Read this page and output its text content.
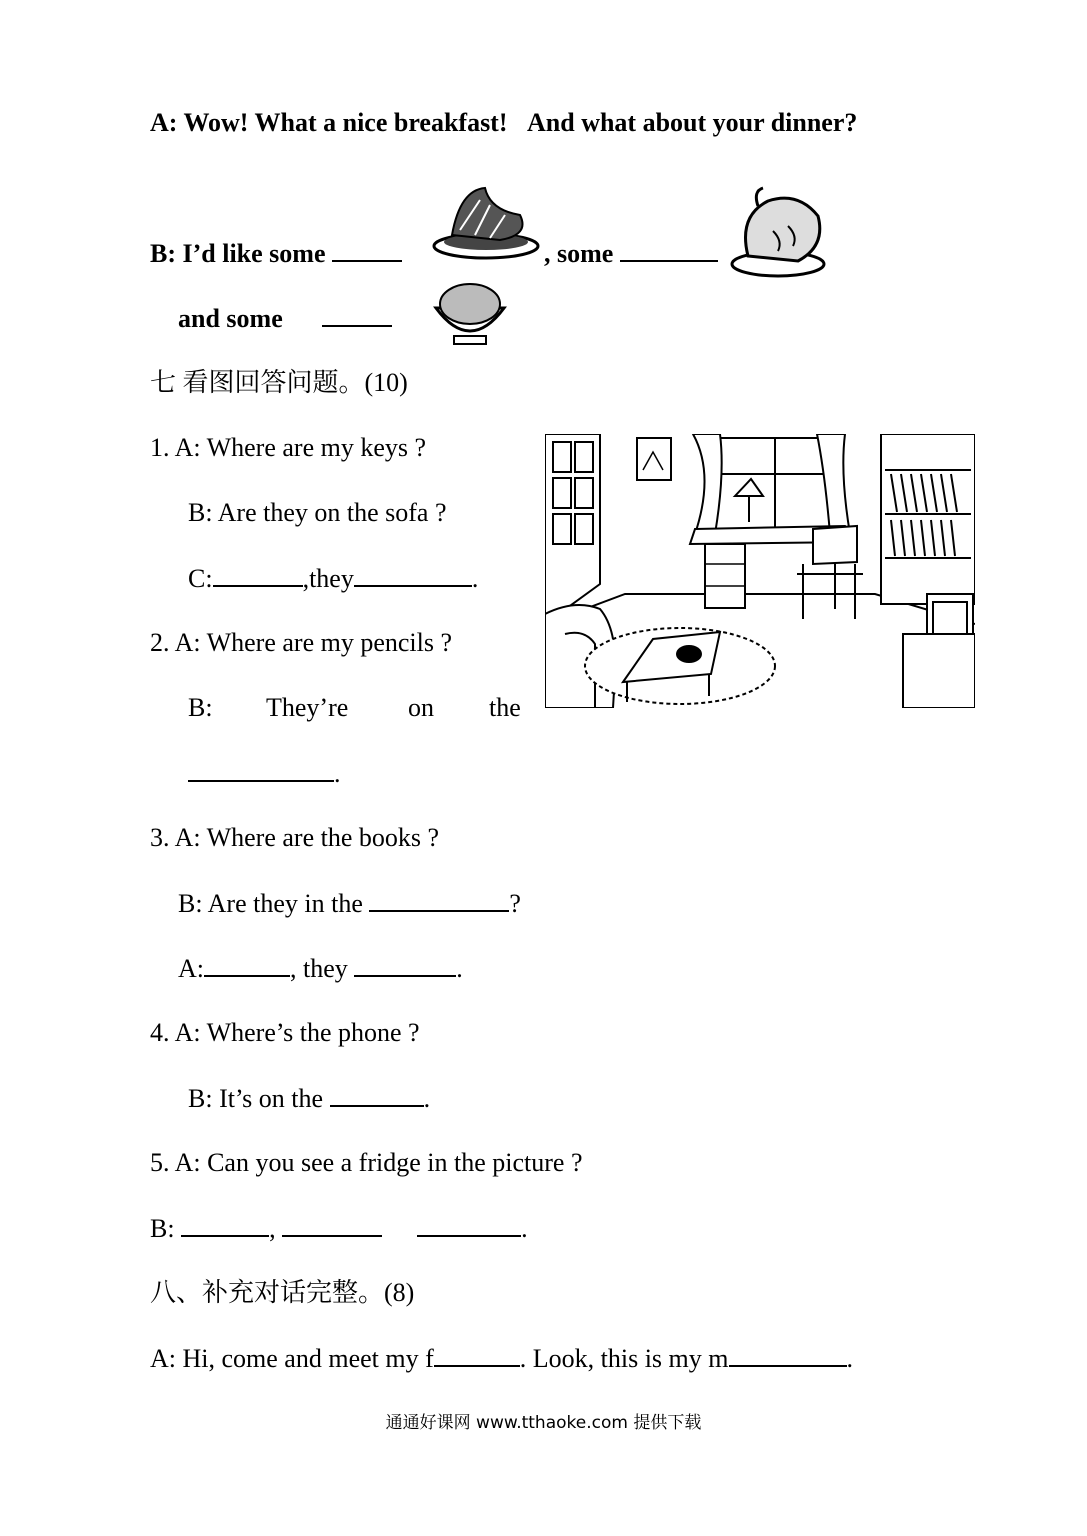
A: Wow! What a nice breakfast!   And what about your dinner?
B: I’d like some	, some
and some
七 看图回答问题。(10)
1. A: Where are my keys ?
B: Are they on the sofa ?
C:	,they	.
2. A: Where are my pencils ?
B: They’re on the
.
3. A: Where are the books ?
B: Are they in the	?
A:	, they	.
4. A: Where’s the phone ?
B: It’s on the	.
5. A: Can you see a fridge in the picture ?
B:	,	.
八、补充对话完整。(8)
A: Hi, come and meet my f	. Look, this is my m	.
通通好课网 www.tthaoke.com 提供下载
